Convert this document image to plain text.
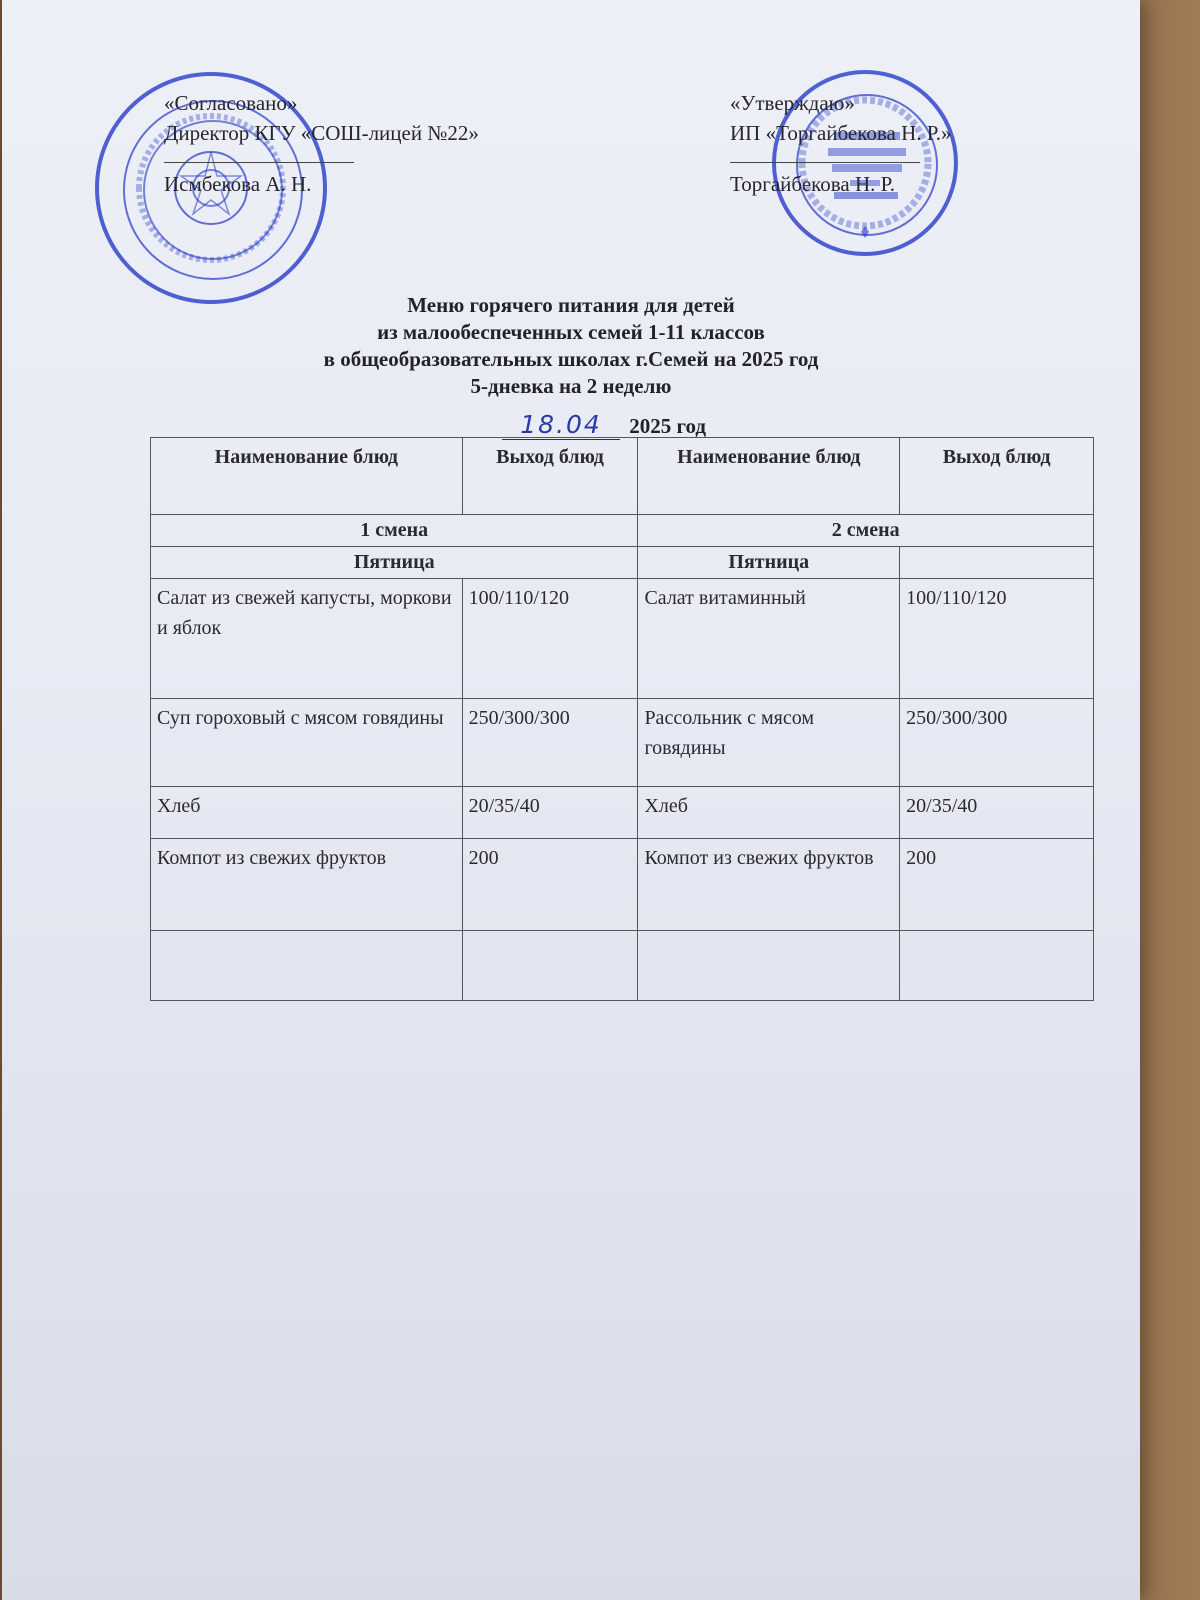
«Согласовано»
Директор КГУ «СОШ-лицей №22»
Исмбекова А. Н.
«Утверждаю»
ИП «Торгайбекова Н. Р.»
Торгайбекова Н. Р.
Меню горячего питания для детей
из малообеспеченных семей 1-11 классов
в общеобразовательных школах г.Семей на 2025 год
5-дневка на 2 неделю
18.04 2025 год
Наименование блюд	Выход блюд	Наименование блюд	Выход блюд
1 смена		2 смена	
Пятница		Пятница	
Салат из свежей капусты, моркови и яблок	100/110/120	Салат витаминный	100/110/120
Суп гороховый с мясом говядины	250/300/300	Рассольник с мясом говядины	250/300/300
Хлеб	20/35/40	Хлеб	20/35/40
Компот из свежих фруктов	200	Компот из свежих фруктов	200
